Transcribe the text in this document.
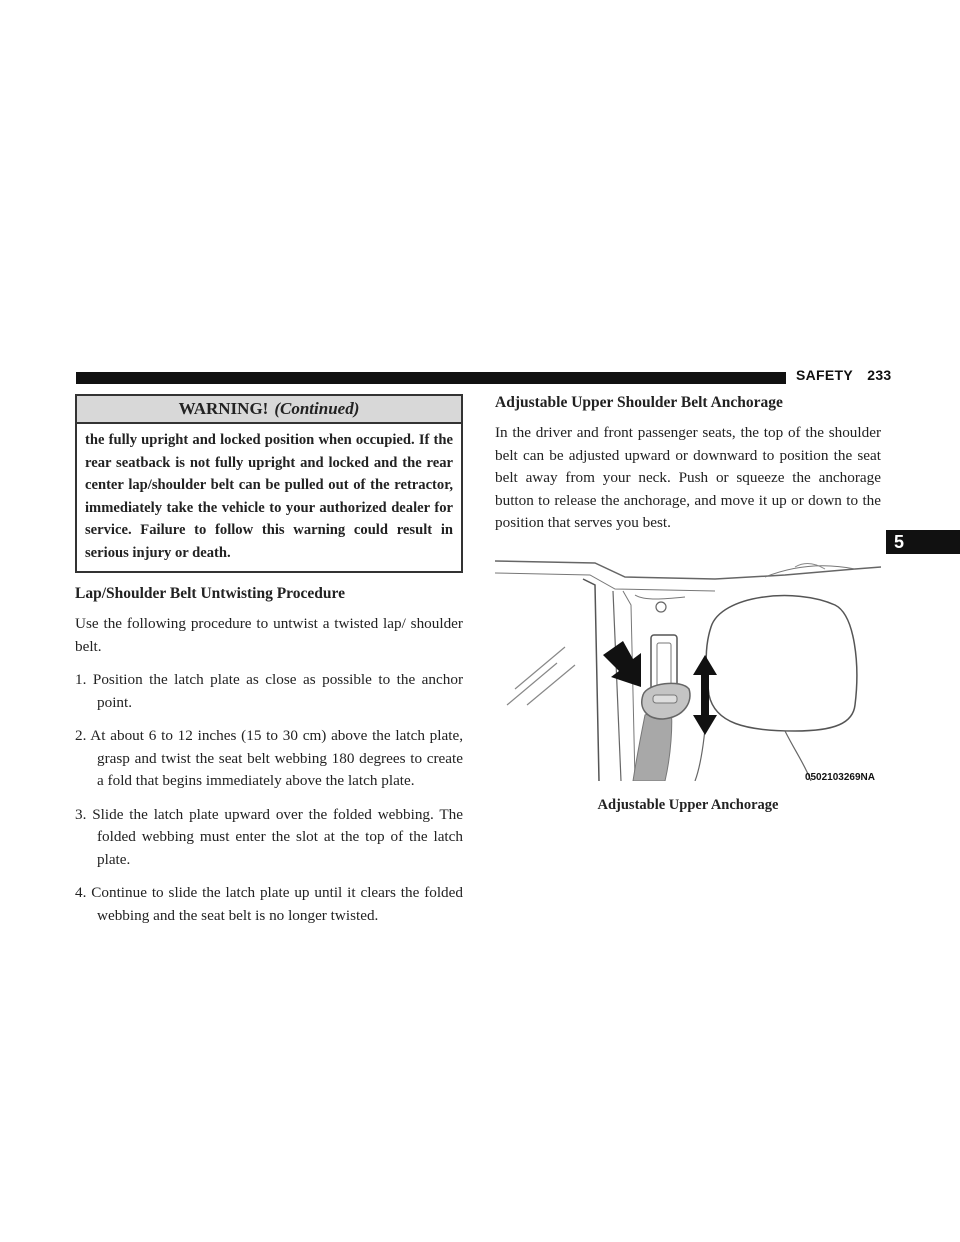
SAFETY 233
5
WARNING! (Continued)
the fully upright and locked position when occupied. If the rear seatback is not fully upright and locked and the rear center lap/shoulder belt can be pulled out of the retractor, immediately take the vehicle to your authorized dealer for service. Failure to follow this warning could result in serious injury or death.
Lap/Shoulder Belt Untwisting Procedure

Use the following procedure to untwist a twisted lap/ shoulder belt.

1. Position the latch plate as close as possible to the anchor point.
2. At about 6 to 12 inches (15 to 30 cm) above the latch plate, grasp and twist the seat belt webbing 180 degrees to create a fold that begins immediately above the latch plate.
3. Slide the latch plate upward over the folded webbing. The folded webbing must enter the slot at the top of the latch plate.
4. Continue to slide the latch plate up until it clears the folded webbing and the seat belt is no longer twisted.
Adjustable Upper Shoulder Belt Anchorage

In the driver and front passenger seats, the top of the shoulder belt can be adjusted upward or downward to position the seat belt away from your neck. Push or squeeze the anchorage button to release the anchorage, and move it up or down to the position that serves you best.

0502103269NA
Adjustable Upper Anchorage
